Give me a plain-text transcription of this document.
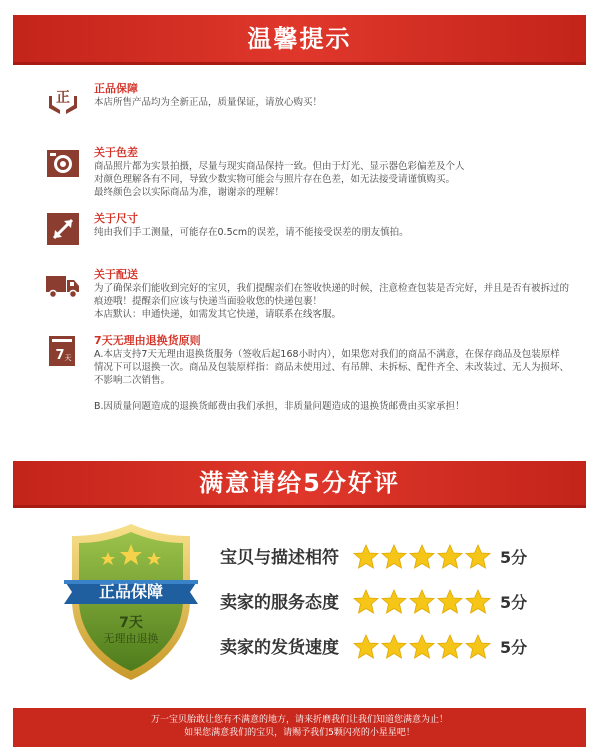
温馨提示
正
正品保障
本店所售产品均为全新正品，质量保证，请放心购买！
关于色差
商品照片都为实景拍摄，尽量与现实商品保持一致。但由于灯光、显示器色彩偏差及个人
对颜色理解各有不同，导致少数实物可能会与照片存在色差，如无法接受请谨慎购买。
最终颜色会以实际商品为准，谢谢亲的理解！
关于尺寸
纯由我们手工测量，可能存在0.5cm的误差，请不能接受误差的朋友慎拍。
关于配送
为了确保亲们能收到完好的宝贝，我们提醒亲们在签收快递的时候，注意检查包装是否完好，并且是否有被拆过的
痕迹哦！提醒亲们应该与快递当面验收您的快递包裹！
本店默认：申通快递，如需发其它快递，请联系在线客服。
7 天
7天无理由退换货原则
A.本店支持7天无理由退换货服务（签收后起168小时内），如果您对我们的商品不满意，在保存商品及包装原样
情况下可以退换一次。商品及包装原样指：商品未使用过、有吊牌、未拆标、配件齐全、未改装过、无人为损坏、
不影响二次销售。
B.因质量问题造成的退换货邮费由我们承担，非质量问题造成的退换货邮费由买家承担！
满意请给5分好评
正品保障
7天
无理由退换
宝贝与描述相符	5分
卖家的服务态度	5分
卖家的发货速度	5分
万一宝贝胎敢让您有不满意的地方，请来折磨我们让我们知道您满意为止！
如果您满意我们的宝贝，请赐予我们5颗闪亮的小星星吧！
